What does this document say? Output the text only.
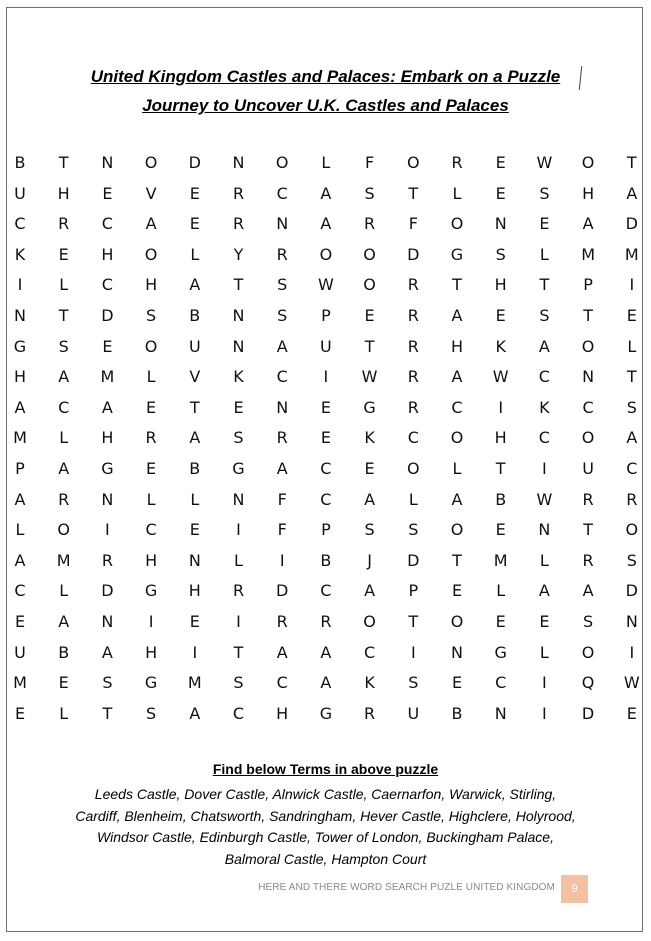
United Kingdom Castles and Palaces: Embark on a Puzzle
Journey to Uncover U.K. Castles and Palaces
B	T	N	O	D	N	O	L	F	O	R	E	W	O	T
U	H	E	V	E	R	C	A	S	T	L	E	S	H	A
C	R	C	A	E	R	N	A	R	F	O	N	E	A	D
K	E	H	O	L	Y	R	O	O	D	G	S	L	M	M
I	L	C	H	A	T	S	W	O	R	T	H	T	P	I
N	T	D	S	B	N	S	P	E	R	A	E	S	T	E
G	S	E	O	U	N	A	U	T	R	H	K	A	O	L
H	A	M	L	V	K	C	I	W	R	A	W	C	N	T
A	C	A	E	T	E	N	E	G	R	C	I	K	C	S
M	L	H	R	A	S	R	E	K	C	O	H	C	O	A
P	A	G	E	B	G	A	C	E	O	L	T	I	U	C
A	R	N	L	L	N	F	C	A	L	A	B	W	R	R
L	O	I	C	E	I	F	P	S	S	O	E	N	T	O
A	M	R	H	N	L	I	B	J	D	T	M	L	R	S
C	L	D	G	H	R	D	C	A	P	E	L	A	A	D
E	A	N	I	E	I	R	R	O	T	O	E	E	S	N
U	B	A	H	I	T	A	A	C	I	N	G	L	O	I
M	E	S	G	M	S	C	A	K	S	E	C	I	Q	W
E	L	T	S	A	C	H	G	R	U	B	N	I	D	E
Find below Terms in above puzzle
Leeds Castle, Dover Castle, Alnwick Castle, Caernarfon, Warwick, Stirling,
Cardiff, Blenheim, Chatsworth, Sandringham, Hever Castle, Highclere, Holyrood,
Windsor Castle, Edinburgh Castle, Tower of London, Buckingham Palace,
Balmoral Castle, Hampton Court
HERE AND THERE WORD SEARCH PUZLE UNITED KINGDOM	9
